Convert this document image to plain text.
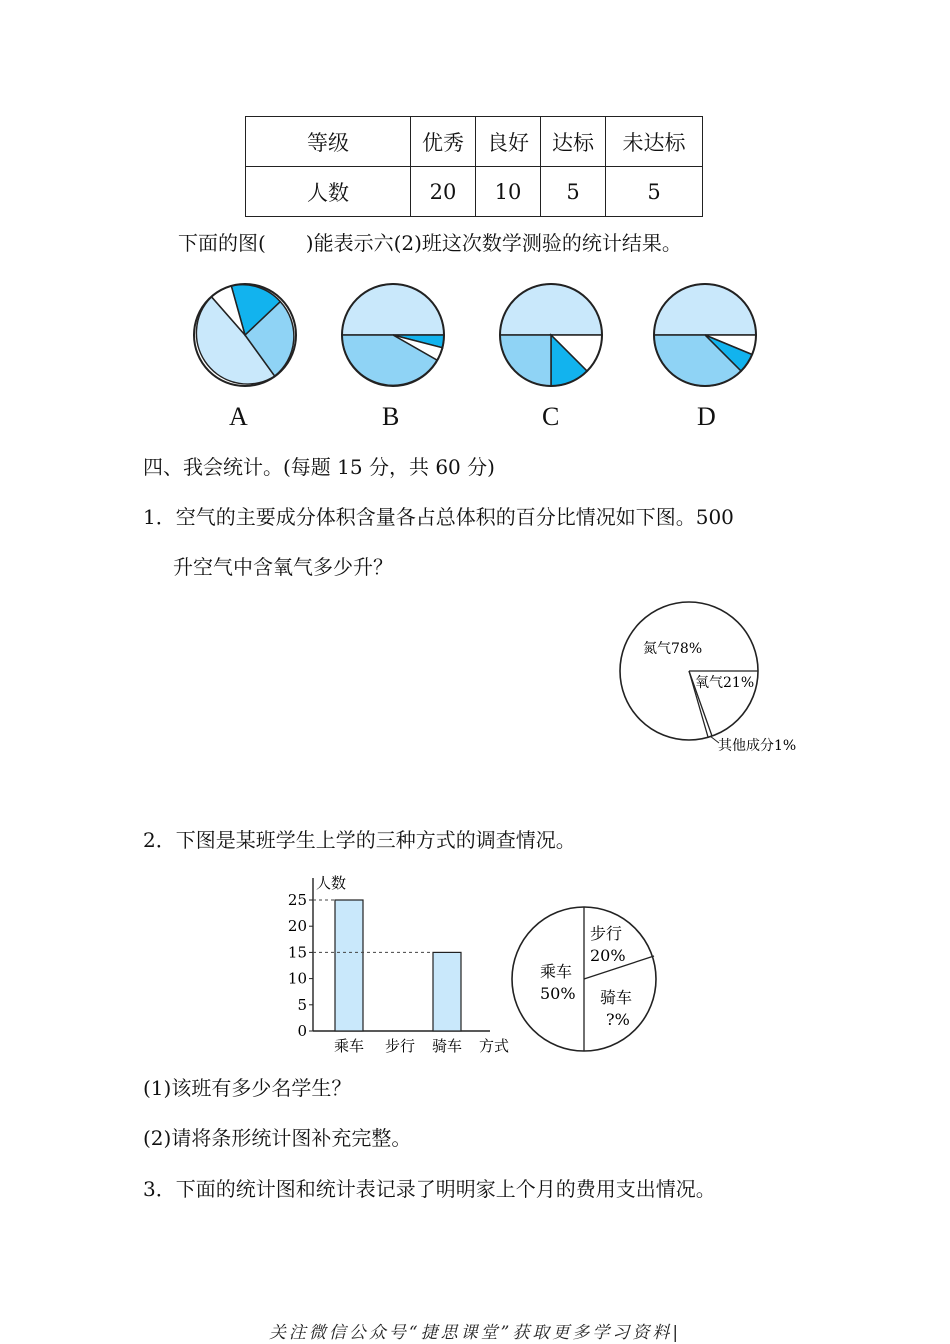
等级	优秀	良好	达标	未达标
人数	20	10	5	5
下面的图(　　)能表示六(2)班这次数学测验的统计结果。
A	B	C	D
四、我会统计。(每题 15 分，共 60 分)
1．空气的主要成分体积含量各占总体积的百分比情况如下图。500
升空气中含氧气多少升？
氮气78%
氧气21%
其他成分1%
2．下图是某班学生上学的三种方式的调查情况。
0
5
10
15
20
25
乘车 步行 骑车 方式
人数
乘车
50%
步行
20%
骑车
?%
(1)该班有多少名学生？
(2)请将条形统计图补充完整。
3．下面的统计图和统计表记录了明明家上个月的费用支出情况。
关注微信公众号“捷思课堂”获取更多学习资料|
